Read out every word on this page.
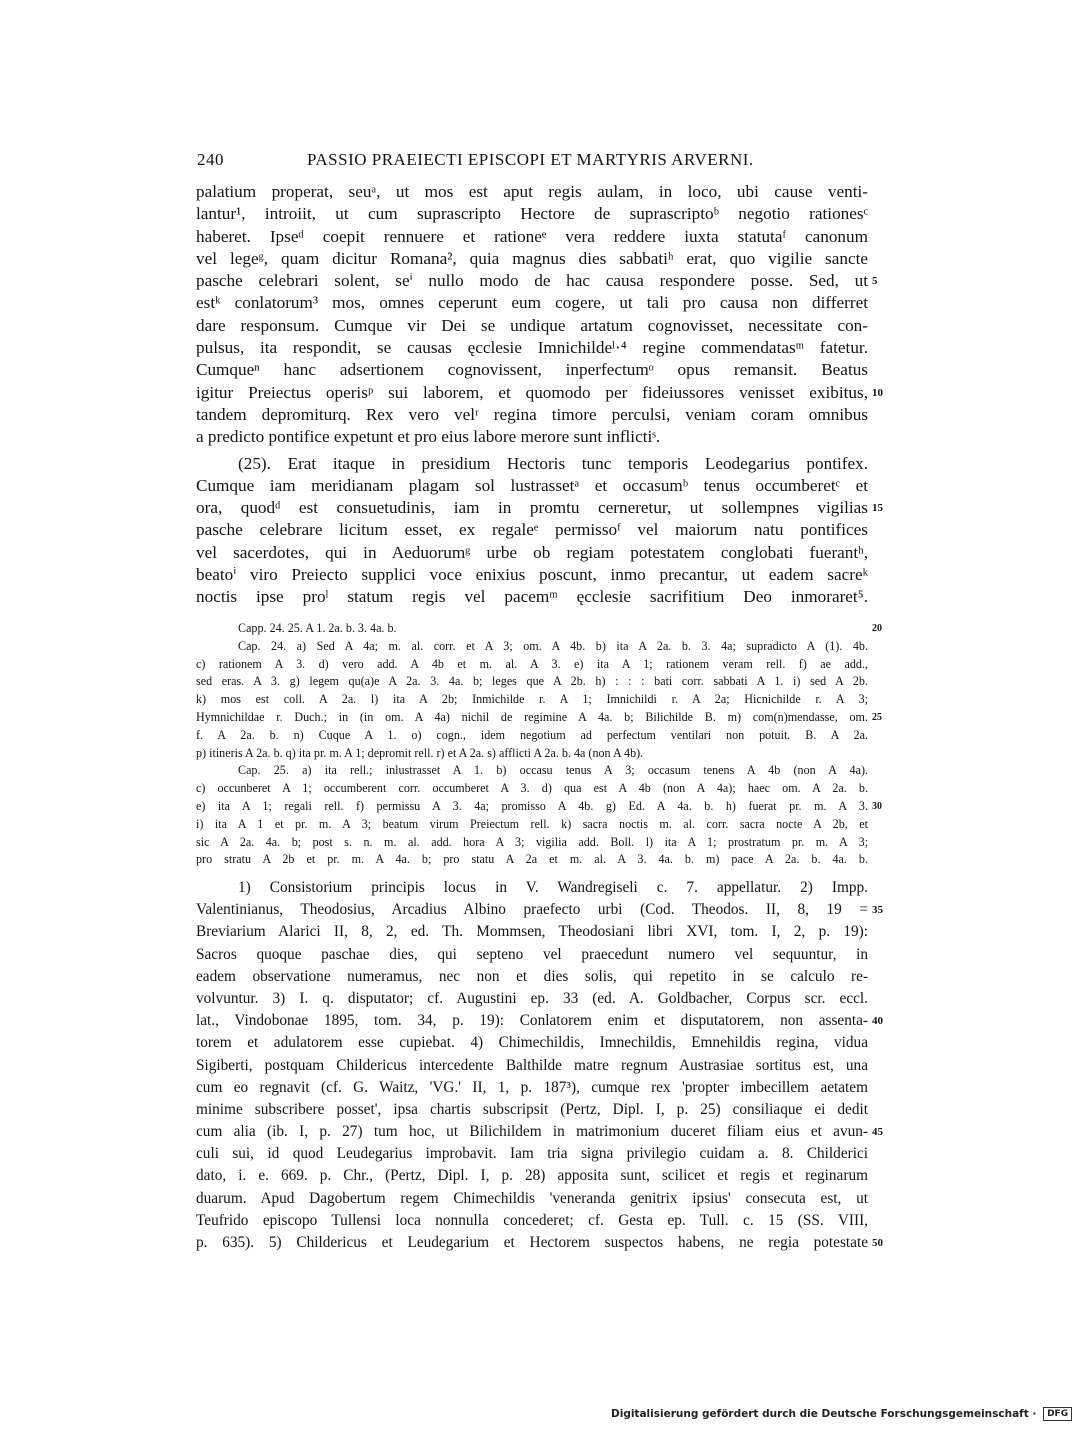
240	PASSIO PRAEIECTI EPISCOPI ET MARTYRIS ARVERNI.
palatium properat, seuᵃ, ut mos est aput regis aulam, in loco, ubi cause venti-
lantur¹, introiit, ut cum suprascripto Hectore de suprascriptoᵇ negotio rationesᶜ
haberet. Ipseᵈ coepit rennuere et rationeᵉ vera reddere iuxta statutaᶠ canonum
vel legeᵍ, quam dicitur Romana², quia magnus dies sabbatiʰ erat, quo vigilie sancte
pasche celebrari solent, seⁱ nullo modo de hac causa respondere posse. Sed, ut 5
estᵏ conlatorum³ mos, omnes ceperunt eum cogere, ut tali pro causa non differret
dare responsum. Cumque vir Dei se undique artatum cognovisset, necessitate con-
pulsus, ita respondit, se causas ęcclesie Imnichildeˡ·⁴ regine commendatasᵐ fatetur.
Cumqueⁿ hanc adsertionem cognovissent, inperfectumᵒ opus remansit. Beatus
igitur Preiectus operisᵖ sui laborem, et quomodo per fideiussores venisset exibitus, 10
tandem depromiturq. Rex vero velʳ regina timore perculsi, veniam coram omnibus
a predicto pontifice expetunt et pro eius labore merore sunt inflictiˢ.
(25). Erat itaque in presidium Hectoris tunc temporis Leodegarius pontifex.
Cumque iam meridianam plagam sol lustrassetᵃ et occasumᵇ tenus occumberetᶜ et
ora, quodᵈ est consuetudinis, iam in promtu cerneretur, ut sollempnes vigilias 15
pasche celebrare licitum esset, ex regaleᵉ permissoᶠ vel maiorum natu pontifices
vel sacerdotes, qui in Aeduorumᵍ urbe ob regiam potestatem conglobati fuerantʰ,
beatoⁱ viro Preiecto supplici voce enixius poscunt, inmo precantur, ut eadem sacreᵏ
noctis ipse proˡ statum regis vel pacemᵐ ęcclesie sacrifitium Deo inmoraret⁵.
Capp. 24. 25. A 1. 2a. b. 3. 4a. b.	20
Cap. 24. a) Sed A 4a; m. al. corr. et A 3; om. A 4b. b) ita A 2a. b. 3. 4a; supradicto A (1). 4b.
c) rationem A 3. d) vero add. A 4b et m. al. A 3. e) ita A 1; rationem veram rell. f) ae add.,
sed eras. A 3. g) legem qu(a)e A 2a. 3. 4a. b; leges que A 2b. h) : : : bati corr. sabbati A 1. i) sed A 2b.
k) mos est coll. A 2a. l) ita A 2b; Inmichilde r. A 1; Imnichildi r. A 2a; Hicnichilde r. A 3;
Hymnichildae r. Duch.; in (in om. A 4a) nichil de regimine A 4a. b; Bilichilde B. m) com(n)mendasse, om. 25
f. A 2a. b. n) Cuque A 1. o) cogn., idem negotium ad perfectum ventilari non potuit. B. A 2a.
p) itineris A 2a. b. q) ita pr. m. A 1; depromit rell. r) et A 2a. s) afflicti A 2a. b. 4a (non A 4b).
Cap. 25. a) ita rell.; inlustrasset A 1. b) occasu tenus A 3; occasum tenens A 4b (non A 4a).
c) occunberet A 1; occumberent corr. occumberet A 3. d) qua est A 4b (non A 4a); haec om. A 2a. b.
e) ita A 1; regali rell. f) permissu A 3. 4a; promisso A 4b. g) Ed. A 4a. b. h) fuerat pr. m. A 3. 30
i) ita A 1 et pr. m. A 3; beatum virum Preiectum rell. k) sacra noctis m. al. corr. sacra nocte A 2b, et
sic A 2a. 4a. b; post s. n. m. al. add. hora A 3; vigilia add. Boll. l) ita A 1; prostratum pr. m. A 3;
pro stratu A 2b et pr. m. A 4a. b; pro statu A 2a et m. al. A 3. 4a. b. m) pace A 2a. b. 4a. b.
1) Consistorium principis locus in V. Wandregiseli c. 7. appellatur. 2) Impp.
Valentinianus, Theodosius, Arcadius Albino praefecto urbi (Cod. Theodos. II, 8, 19 = 35
Breviarium Alarici II, 8, 2, ed. Th. Mommsen, Theodosiani libri XVI, tom. I, 2, p. 19):
Sacros quoque paschae dies, qui septeno vel praecedunt numero vel sequuntur, in
eadem observatione numeramus, nec non et dies solis, qui repetito in se calculo re-
volvuntur. 3) I. q. disputator; cf. Augustini ep. 33 (ed. A. Goldbacher, Corpus scr. eccl.
lat., Vindobonae 1895, tom. 34, p. 19): Conlatorem enim et disputatorem, non assenta- 40
torem et adulatorem esse cupiebat. 4) Chimechildis, Imnechildis, Emnehildis regina, vidua
Sigiberti, postquam Childericus intercedente Balthilde matre regnum Austrasiae sortitus est, una
cum eo regnavit (cf. G. Waitz, 'VG.' II, 1, p. 187³), cumque rex 'propter imbecillem aetatem
minime subscribere posset', ipsa chartis subscripsit (Pertz, Dipl. I, p. 25) consiliaque ei dedit
cum alia (ib. I, p. 27) tum hoc, ut Bilichildem in matrimonium duceret filiam eius et avun- 45
culi sui, id quod Leudegarius improbavit. Iam tria signa privilegio cuidam a. 8. Childerici
dato, i. e. 669. p. Chr., (Pertz, Dipl. I, p. 28) apposita sunt, scilicet et regis et reginarum
duarum. Apud Dagobertum regem Chimechildis 'veneranda genitrix ipsius' consecuta est, ut
Teufrido episcopo Tullensi loca nonnulla concederet; cf. Gesta ep. Tull. c. 15 (SS. VIII,
p. 635). 5) Childericus et Leudegarium et Hectorem suspectos habens, ne regia potestate 50
Digitalisierung gefördert durch die Deutsche Forschungsgemeinschaft · DFG
